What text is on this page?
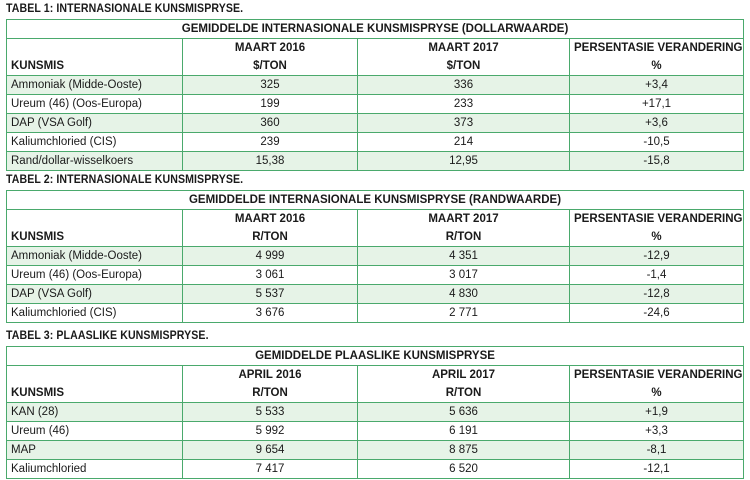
TABEL 1: INTERNASIONALE KUNSMISPRYSE.
GEMIDDELDE INTERNASIONALE KUNSMISPRYSE (DOLLARWAARDE)			
	MAART 2016	MAART 2017	PERSENTASIE VERANDERING
KUNSMIS	$/TON	$/TON	%
Ammoniak (Midde-Ooste)	325	336	+3,4
Ureum (46) (Oos-Europa)	199	233	+17,1
DAP (VSA Golf)	360	373	+3,6
Kaliumchloried (CIS)	239	214	-10,5
Rand/dollar-wisselkoers	15,38	12,95	-15,8
TABEL 2: INTERNASIONALE KUNSMISPRYSE.
GEMIDDELDE INTERNASIONALE KUNSMISPRYSE (RANDWAARDE)			
	MAART 2016	MAART 2017	PERSENTASIE VERANDERING
KUNSMIS	R/TON	R/TON	%
Ammoniak (Midde-Ooste)	4 999	4 351	-12,9
Ureum (46) (Oos-Europa)	3 061	3 017	-1,4
DAP (VSA Golf)	5 537	4 830	-12,8
Kaliumchloried (CIS)	3 676	2 771	-24,6
TABEL 3: PLAASLIKE KUNSMISPRYSE.
GEMIDDELDE PLAASLIKE KUNSMISPRYSE			
	APRIL 2016	APRIL 2017	PERSENTASIE VERANDERING
KUNSMIS	R/TON	R/TON	%
KAN (28)	5 533	5 636	+1,9
Ureum (46)	5 992	6 191	+3,3
MAP	9 654	8 875	-8,1
Kaliumchloried	7 417	6 520	-12,1
